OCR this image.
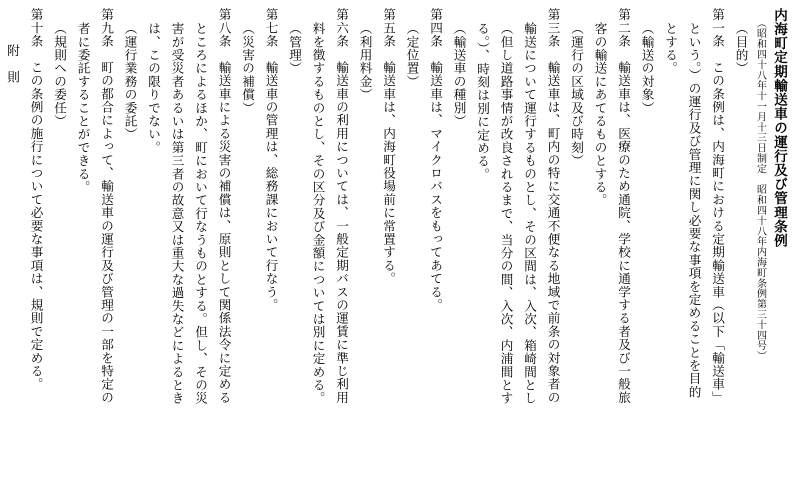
内海町定期輸送車の運行及び管理条例
（昭和四十八年十一月十三日制定　昭和四十八年内海町条例第三十四号）
（目的）
第一条　この条例は、内海町における定期輸送車（以下「輸送車」
という。）の運行及び管理に関し必要な事項を定めることを目的
とする。
（輸送の対象）
第二条　輸送車は、医療のため通院、学校に通学する者及び一般旅
客の輸送にあてるものとする。
（運行の区域及び時刻）
第三条　輸送車は、町内の特に交通不便なる地域で前条の対象者の
輸送について運行するものとし、その区間は、入次、箱崎間とし
（但し道路事情が改良されるまで、当分の間、入次、内浦間とす
る。）、時刻は別に定める。
（輸送車の種別）
第四条　輸送車は、マイクロバスをもってあてる。
（定位置）
第五条　輸送車は、内海町役場前に常置する。
（利用料金）
第六条　輸送車の利用については、一般定期バスの運賃に準じ利用
料を徴するものとし、その区分及び金額については別に定める。
（管理）
第七条　輸送車の管理は、総務課において行なう。
（災害の補償）
第八条　輸送車による災害の補償は、原則として関係法令に定める
ところによるほか、町において行なうものとする。但し、その災
害が受災者あるいは第三者の故意又は重大な過失などによるとき
は、この限りでない。
（運行業務の委託）
第九条　町の都合によって、輸送車の運行及び管理の一部を特定の
者に委託することができる。
（規則への委任）
第十条　この条例の施行について必要な事項は、規則で定める。
附　則
